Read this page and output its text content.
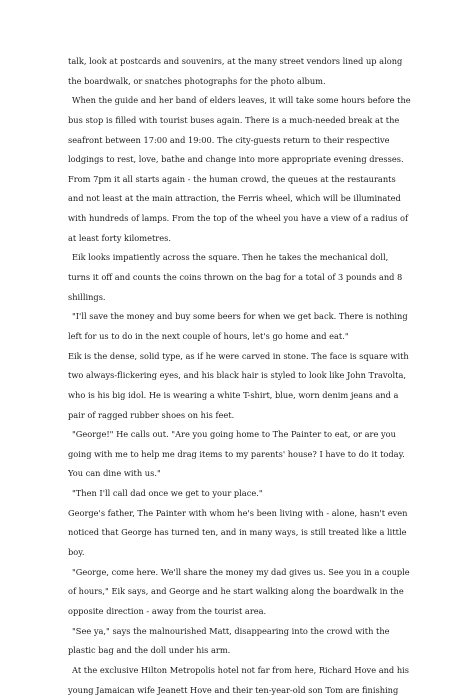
talk, look at postcards and souvenirs, at the many street vendors lined up along
the boardwalk, or snatches photographs for the photo album.
When the guide and her band of elders leaves, it will take some hours before the
bus stop is filled with tourist buses again. There is a much-needed break at the
seafront between 17:00 and 19:00. The city-guests return to their respective
lodgings to rest, love, bathe and change into more appropriate evening dresses.
From 7pm it all starts again - the human crowd, the queues at the restaurants
and not least at the main attraction, the Ferris wheel, which will be illuminated
with hundreds of lamps. From the top of the wheel you have a view of a radius of
at least forty kilometres.
Eik looks impatiently across the square. Then he takes the mechanical doll,
turns it off and counts the coins thrown on the bag for a total of 3 pounds and 8
shillings.
"I'll save the money and buy some beers for when we get back. There is nothing
left for us to do in the next couple of hours, let's go home and eat."
Eik is the dense, solid type, as if he were carved in stone. The face is square with
two always-flickering eyes, and his black hair is styled to look like John Travolta,
who is his big idol. He is wearing a white T-shirt, blue, worn denim jeans and a
pair of ragged rubber shoes on his feet.
"George!" He calls out. "Are you going home to The Painter to eat, or are you
going with me to help me drag items to my parents' house? I have to do it today.
You can dine with us."
"Then I'll call dad once we get to your place."
George's father, The Painter with whom he's been living with - alone, hasn't even
noticed that George has turned ten, and in many ways, is still treated like a little
boy.
"George, come here. We'll share the money my dad gives us. See you in a couple
of hours," Eik says, and George and he start walking along the boardwalk in the
opposite direction - away from the tourist area.
"See ya," says the malnourished Matt, disappearing into the crowd with the
plastic bag and the doll under his arm.
At the exclusive Hilton Metropolis hotel not far from here, Richard Hove and his
young Jamaican wife Jeanett Hove and their ten-year-old son Tom are finishing
